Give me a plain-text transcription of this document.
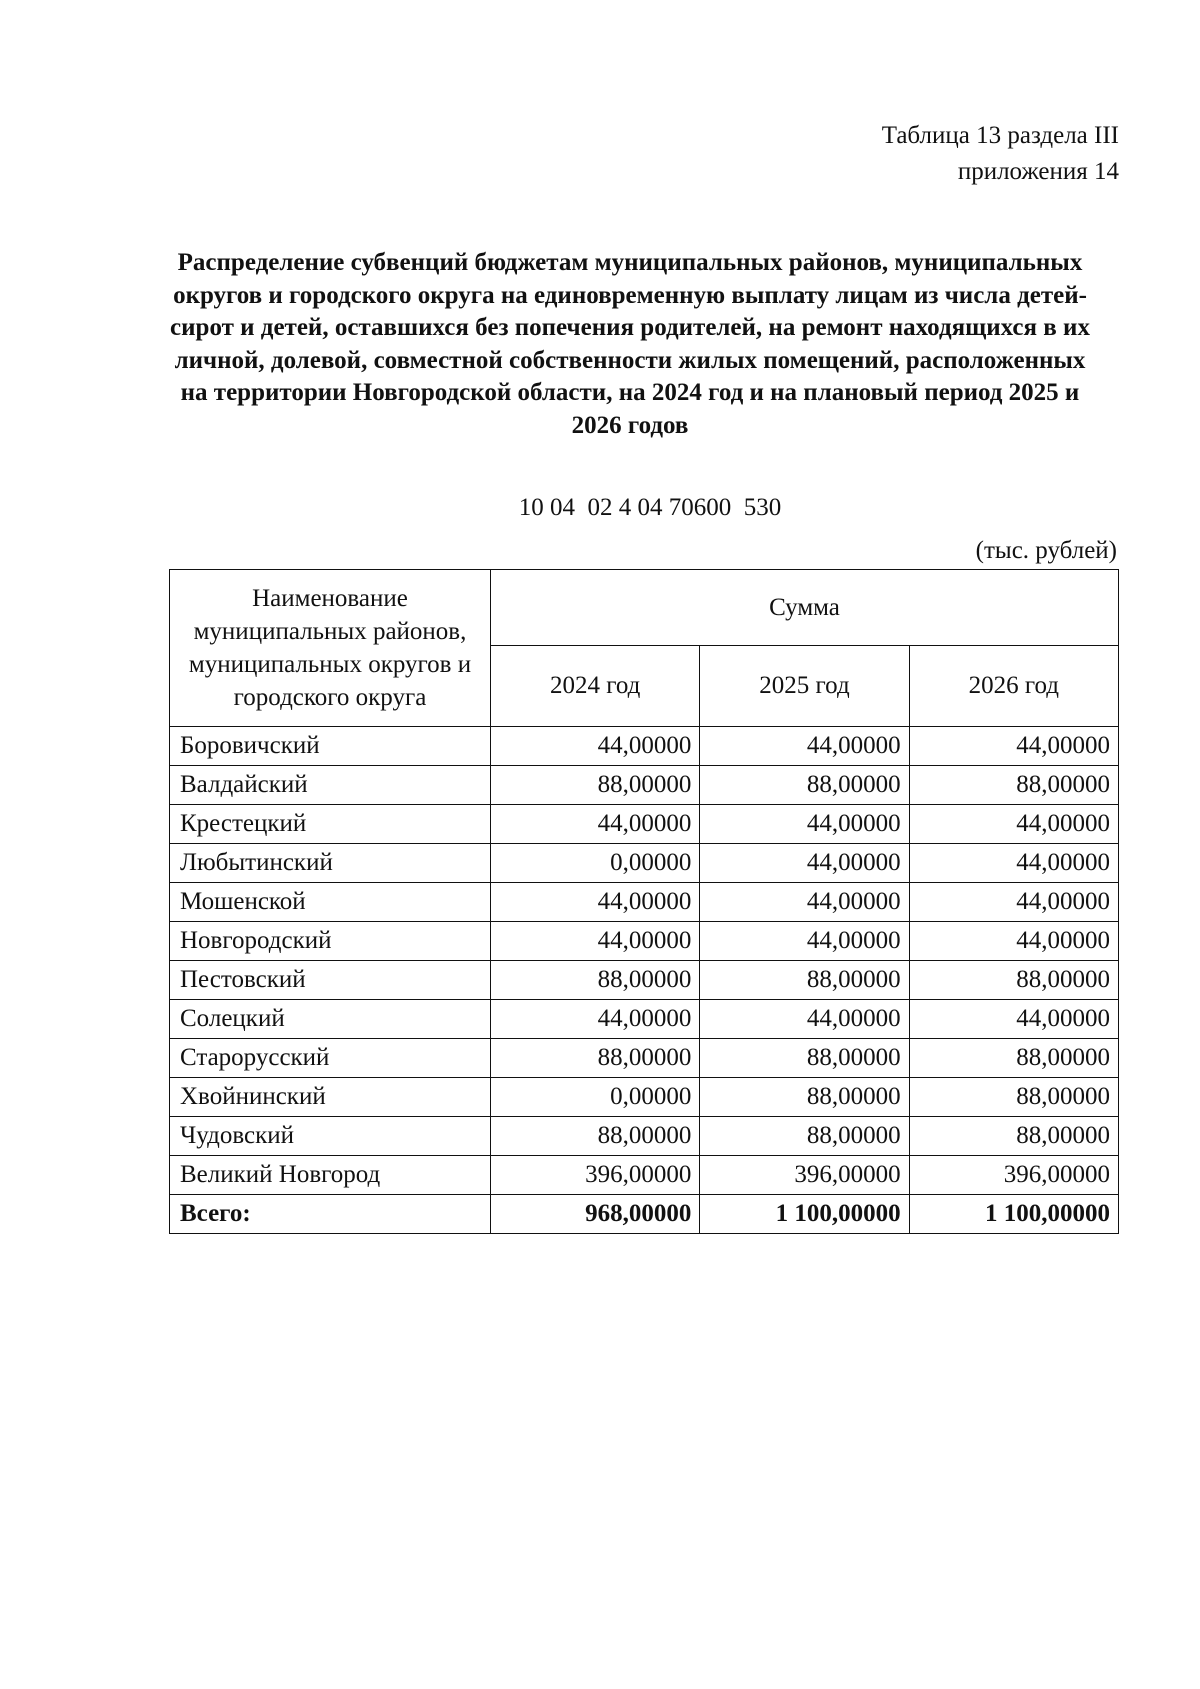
Таблица 13 раздела III
приложения 14
Распределение субвенций бюджетам муниципальных районов, муниципальных округов и городского округа на единовременную выплату лицам из числа детей-сирот и детей, оставшихся без попечения родителей, на ремонт находящихся в их личной, долевой, совместной собственности жилых помещений, расположенных на территории Новгородской области, на 2024 год и на плановый период 2025 и 2026 годов
10 04  02 4 04 70600  530
(тыс. рублей)
Наименование муниципальных районов, муниципальных округов и городского округа	Сумма		
	2024 год	2025 год	2026 год
Боровичский	44,00000	44,00000	44,00000
Валдайский	88,00000	88,00000	88,00000
Крестецкий	44,00000	44,00000	44,00000
Любытинский	0,00000	44,00000	44,00000
Мошенской	44,00000	44,00000	44,00000
Новгородский	44,00000	44,00000	44,00000
Пестовский	88,00000	88,00000	88,00000
Солецкий	44,00000	44,00000	44,00000
Старорусский	88,00000	88,00000	88,00000
Хвойнинский	0,00000	88,00000	88,00000
Чудовский	88,00000	88,00000	88,00000
Великий Новгород	396,00000	396,00000	396,00000
Всего:	968,00000	1 100,00000	1 100,00000
